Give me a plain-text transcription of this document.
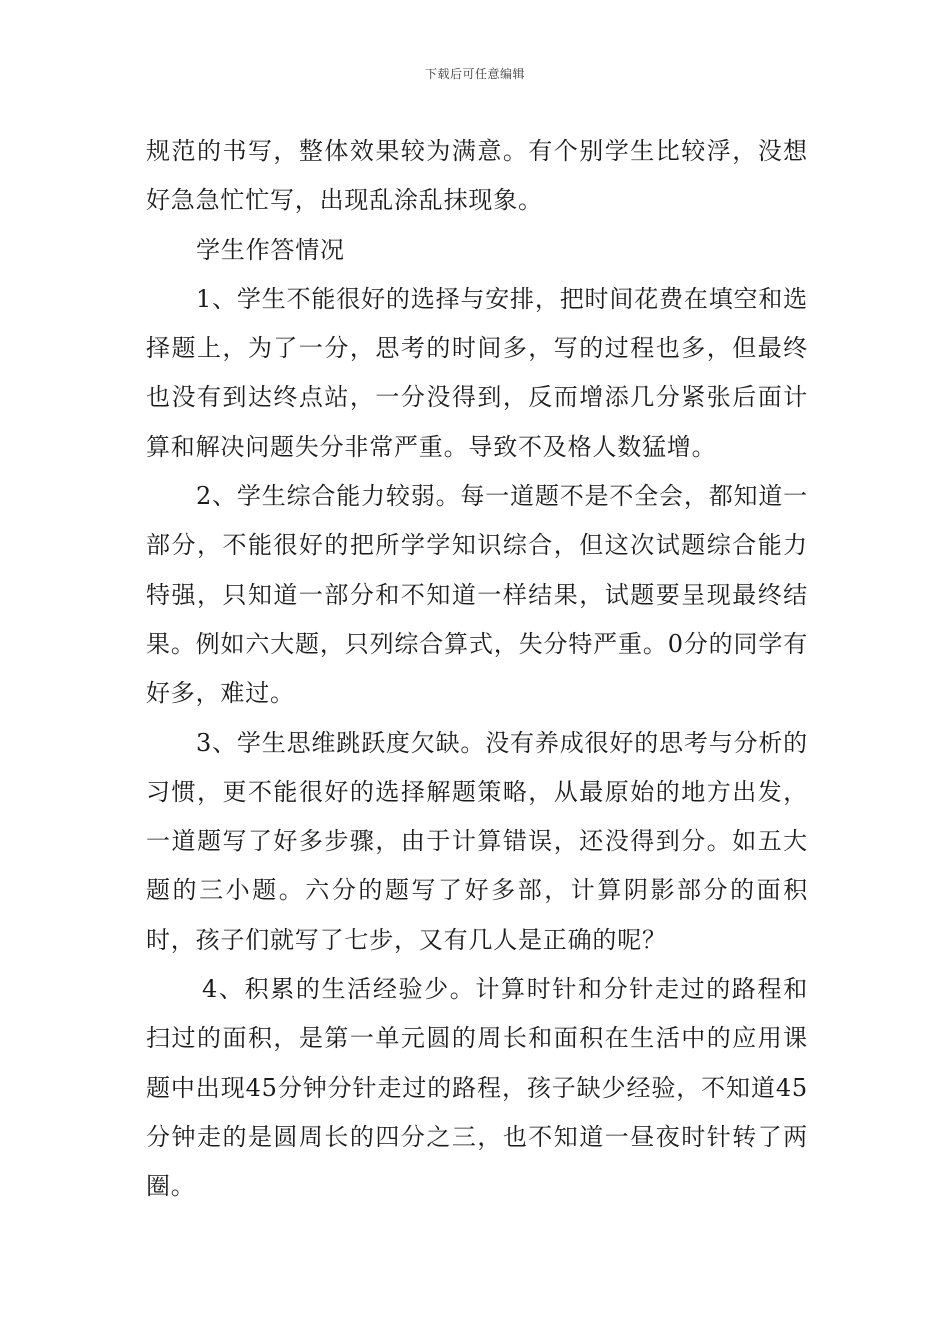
下载后可任意编辑

规范的书写，整体效果较为满意。有个别学生比较浮，没想好急急忙忙写，出现乱涂乱抹现象。

学生作答情况

1、学生不能很好的选择与安排，把时间花费在填空和选择题上，为了一分，思考的时间多，写的过程也多，但最终也没有到达终点站，一分没得到，反而增添几分紧张后面计算和解决问题失分非常严重。导致不及格人数猛增。

2、学生综合能力较弱。每一道题不是不全会，都知道一部分，不能很好的把所学学知识综合，但这次试题综合能力特强，只知道一部分和不知道一样结果，试题要呈现最终结果。例如六大题，只列综合算式，失分特严重。0分的同学有好多，难过。

3、学生思维跳跃度欠缺。没有养成很好的思考与分析的习惯，更不能很好的选择解题策略，从最原始的地方出发，一道题写了好多步骤，由于计算错误，还没得到分。如五大题的三小题。六分的题写了好多部，计算阴影部分的面积时，孩子们就写了七步，又有几人是正确的呢？

4、积累的生活经验少。计算时针和分针走过的路程和扫过的面积，是第一单元圆的周长和面积在生活中的应用课题中出现45分钟分针走过的路程，孩子缺少经验，不知道45分钟走的是圆周长的四分之三，也不知道一昼夜时针转了两圈。
